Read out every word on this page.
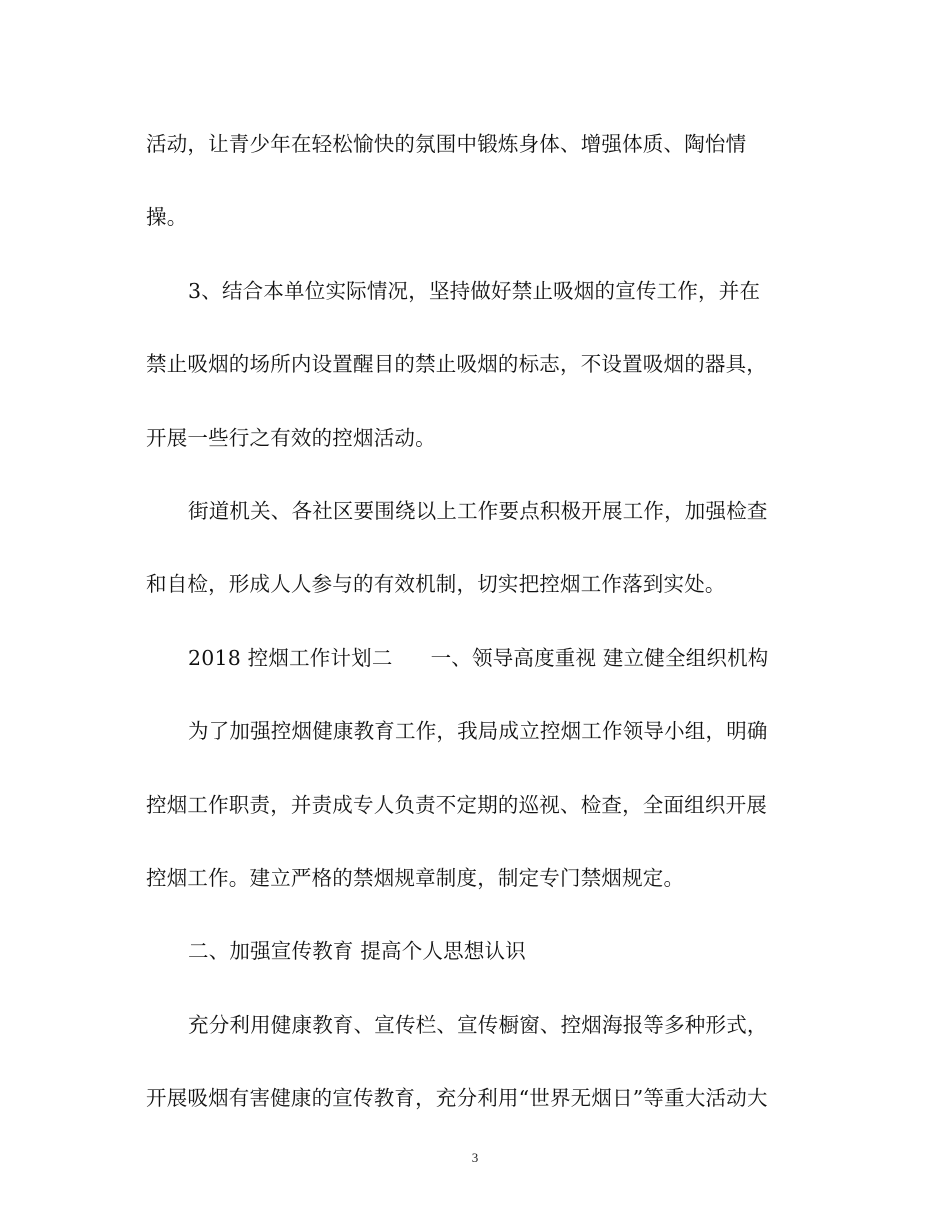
活动，让青少年在轻松愉快的氛围中锻炼身体、增强体质、陶怡情
操。
3、结合本单位实际情况，坚持做好禁止吸烟的宣传工作，并在
禁止吸烟的场所内设置醒目的禁止吸烟的标志，不设置吸烟的器具，
开展一些行之有效的控烟活动。
街道机关、各社区要围绕以上工作要点积极开展工作，加强检查
和自检，形成人人参与的有效机制，切实把控烟工作落到实处。
2018 控烟工作计划二 一、领导高度重视 建立健全组织机构
为了加强控烟健康教育工作，我局成立控烟工作领导小组，明确
控烟工作职责，并责成专人负责不定期的巡视、检查，全面组织开展
控烟工作。建立严格的禁烟规章制度，制定专门禁烟规定。
二、加强宣传教育 提高个人思想认识
充分利用健康教育、宣传栏、宣传橱窗、控烟海报等多种形式，
开展吸烟有害健康的宣传教育，充分利用“世界无烟日”等重大活动大
3
